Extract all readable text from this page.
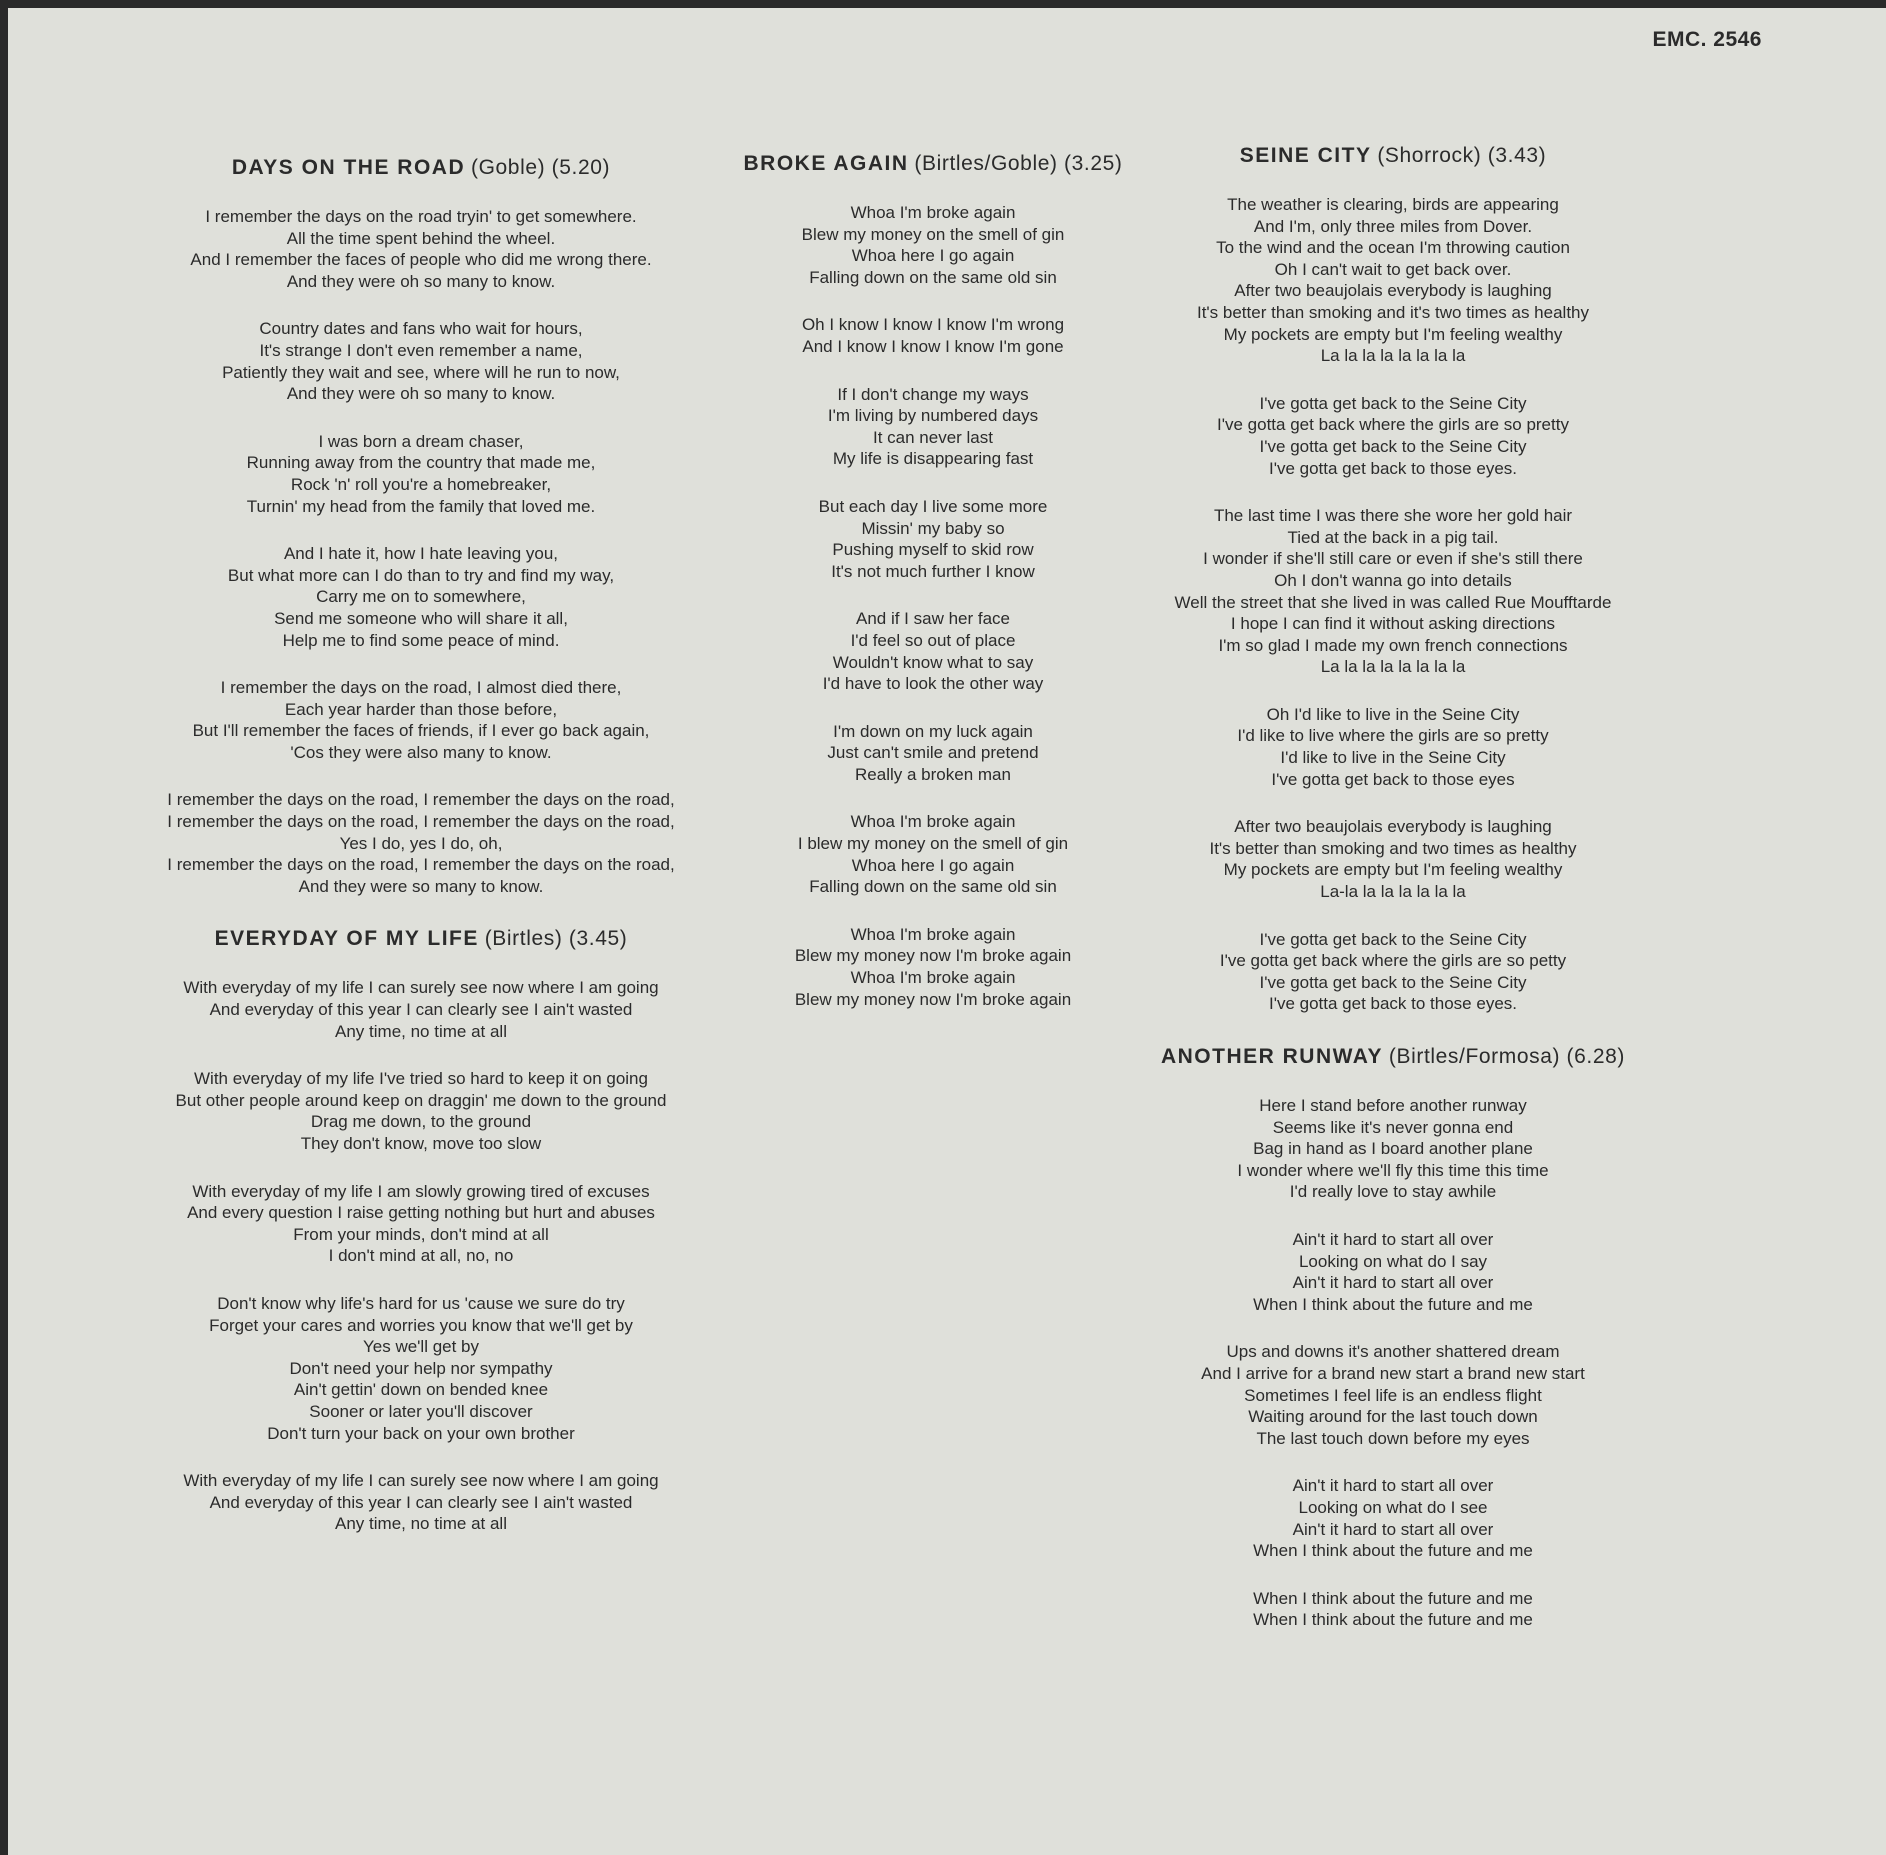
EMC. 2546
DAYS ON THE ROAD (Goble) (5.20)
I remember the days on the road tryin' to get somewhere.
All the time spent behind the wheel.
And I remember the faces of people who did me wrong there.
And they were oh so many to know.
Country dates and fans who wait for hours,
It's strange I don't even remember a name,
Patiently they wait and see, where will he run to now,
And they were oh so many to know.
I was born a dream chaser,
Running away from the country that made me,
Rock 'n' roll you're a homebreaker,
Turnin' my head from the family that loved me.
And I hate it, how I hate leaving you,
But what more can I do than to try and find my way,
Carry me on to somewhere,
Send me someone who will share it all,
Help me to find some peace of mind.
I remember the days on the road, I almost died there,
Each year harder than those before,
But I'll remember the faces of friends, if I ever go back again,
'Cos they were also many to know.
I remember the days on the road, I remember the days on the road,
I remember the days on the road, I remember the days on the road,
Yes I do, yes I do, oh,
I remember the days on the road, I remember the days on the road,
And they were so many to know.
EVERYDAY OF MY LIFE (Birtles) (3.45)
With everyday of my life I can surely see now where I am going
And everyday of this year I can clearly see I ain't wasted
Any time, no time at all
With everyday of my life I've tried so hard to keep it on going
But other people around keep on draggin' me down to the ground
Drag me down, to the ground
They don't know, move too slow
With everyday of my life I am slowly growing tired of excuses
And every question I raise getting nothing but hurt and abuses
From your minds, don't mind at all
I don't mind at all, no, no
Don't know why life's hard for us 'cause we sure do try
Forget your cares and worries you know that we'll get by
Yes we'll get by
Don't need your help nor sympathy
Ain't gettin' down on bended knee
Sooner or later you'll discover
Don't turn your back on your own brother
With everyday of my life I can surely see now where I am going
And everyday of this year I can clearly see I ain't wasted
Any time, no time at all
BROKE AGAIN (Birtles/Goble) (3.25)
Whoa I'm broke again
Blew my money on the smell of gin
Whoa here I go again
Falling down on the same old sin
Oh I know I know I know I'm wrong
And I know I know I know I'm gone
If I don't change my ways
I'm living by numbered days
It can never last
My life is disappearing fast
But each day I live some more
Missin' my baby so
Pushing myself to skid row
It's not much further I know
And if I saw her face
I'd feel so out of place
Wouldn't know what to say
I'd have to look the other way
I'm down on my luck again
Just can't smile and pretend
Really a broken man
Whoa I'm broke again
I blew my money on the smell of gin
Whoa here I go again
Falling down on the same old sin
Whoa I'm broke again
Blew my money now I'm broke again
Whoa I'm broke again
Blew my money now I'm broke again
SEINE CITY (Shorrock) (3.43)
The weather is clearing, birds are appearing
And I'm, only three miles from Dover.
To the wind and the ocean I'm throwing caution
Oh I can't wait to get back over.
After two beaujolais everybody is laughing
It's better than smoking and it's two times as healthy
My pockets are empty but I'm feeling wealthy
La la la la la la la la
I've gotta get back to the Seine City
I've gotta get back where the girls are so pretty
I've gotta get back to the Seine City
I've gotta get back to those eyes.
The last time I was there she wore her gold hair
Tied at the back in a pig tail.
I wonder if she'll still care or even if she's still there
Oh I don't wanna go into details
Well the street that she lived in was called Rue Moufftarde
I hope I can find it without asking directions
I'm so glad I made my own french connections
La la la la la la la la
Oh I'd like to live in the Seine City
I'd like to live where the girls are so pretty
I'd like to live in the Seine City
I've gotta get back to those eyes
After two beaujolais everybody is laughing
It's better than smoking and two times as healthy
My pockets are empty but I'm feeling wealthy
La-la la la la la la la
I've gotta get back to the Seine City
I've gotta get back where the girls are so petty
I've gotta get back to the Seine City
I've gotta get back to those eyes.
ANOTHER RUNWAY (Birtles/Formosa) (6.28)
Here I stand before another runway
Seems like it's never gonna end
Bag in hand as I board another plane
I wonder where we'll fly this time this time
I'd really love to stay awhile
Ain't it hard to start all over
Looking on what do I say
Ain't it hard to start all over
When I think about the future and me
Ups and downs it's another shattered dream
And I arrive for a brand new start a brand new start
Sometimes I feel life is an endless flight
Waiting around for the last touch down
The last touch down before my eyes
Ain't it hard to start all over
Looking on what do I see
Ain't it hard to start all over
When I think about the future and me
When I think about the future and me
When I think about the future and me
